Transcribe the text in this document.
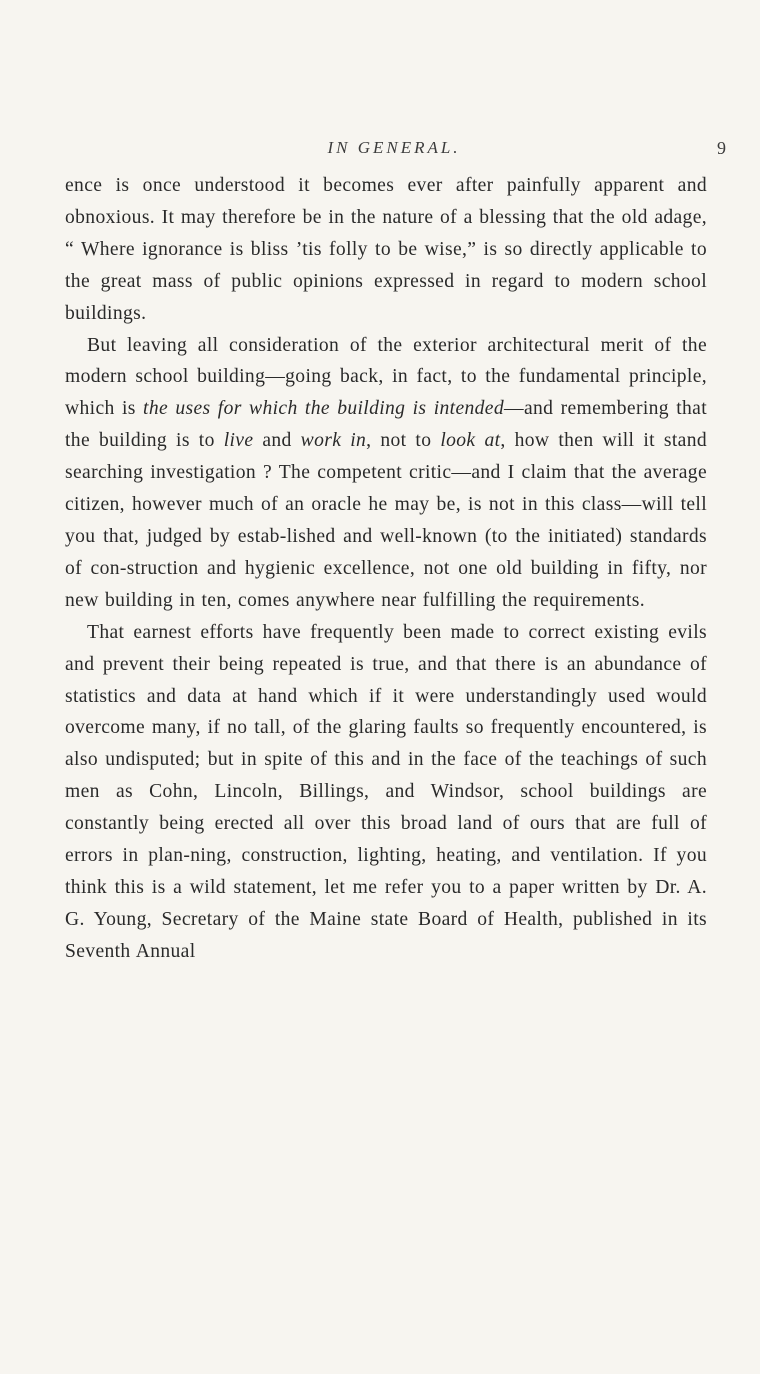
IN GENERAL.	9

ence is once understood it becomes ever after painfully apparent and obnoxious. It may therefore be in the nature of a blessing that the old adage, “ Where ignorance is bliss ’tis folly to be wise,” is so directly applicable to the great mass of public opinions expressed in regard to modern school buildings.

But leaving all consideration of the exterior architectural merit of the modern school building—going back, in fact, to the fundamental principle, which is the uses for which the building is intended—and remembering that the building is to live and work in, not to look at, how then will it stand searching investigation ? The competent critic—and I claim that the average citizen, however much of an oracle he may be, is not in this class—will tell you that, judged by estab-lished and well-known (to the initiated) standards of con-struction and hygienic excellence, not one old building in fifty, nor new building in ten, comes anywhere near fulfilling the requirements.

That earnest efforts have frequently been made to correct existing evils and prevent their being repeated is true, and that there is an abundance of statistics and data at hand which if it were understandingly used would overcome many, if no tall, of the glaring faults so frequently encountered, is also undisputed; but in spite of this and in the face of the teachings of such men as Cohn, Lincoln, Billings, and Windsor, school buildings are constantly being erected all over this broad land of ours that are full of errors in plan-ning, construction, lighting, heating, and ventilation. If you think this is a wild statement, let me refer you to a paper written by Dr. A. G. Young, Secretary of the Maine state Board of Health, published in its Seventh Annual
